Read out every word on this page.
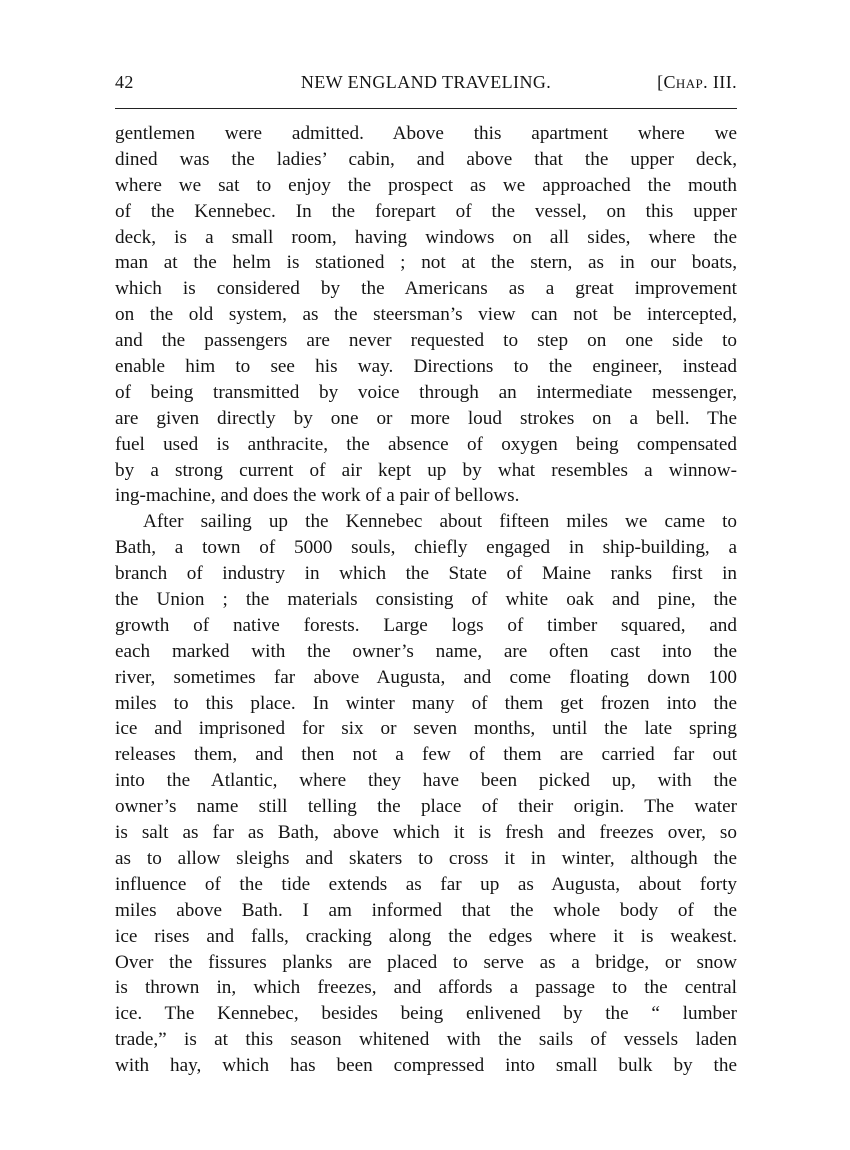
42	NEW ENGLAND TRAVELING.	[Chap. III.
gentlemen were admitted. Above this apartment where we
dined was the ladies’ cabin, and above that the upper deck,
where we sat to enjoy the prospect as we approached the mouth
of the Kennebec. In the forepart of the vessel, on this upper
deck, is a small room, having windows on all sides, where the
man at the helm is stationed ; not at the stern, as in our boats,
which is considered by the Americans as a great improvement
on the old system, as the steersman’s view can not be intercepted,
and the passengers are never requested to step on one side to
enable him to see his way. Directions to the engineer, instead
of being transmitted by voice through an intermediate messenger,
are given directly by one or more loud strokes on a bell. The
fuel used is anthracite, the absence of oxygen being compensated
by a strong current of air kept up by what resembles a winnow-
ing-machine, and does the work of a pair of bellows.
After sailing up the Kennebec about fifteen miles we came to
Bath, a town of 5000 souls, chiefly engaged in ship-building, a
branch of industry in which the State of Maine ranks first in
the Union ; the materials consisting of white oak and pine, the
growth of native forests. Large logs of timber squared, and
each marked with the owner’s name, are often cast into the
river, sometimes far above Augusta, and come floating down 100
miles to this place. In winter many of them get frozen into the
ice and imprisoned for six or seven months, until the late spring
releases them, and then not a few of them are carried far out
into the Atlantic, where they have been picked up, with the
owner’s name still telling the place of their origin. The water
is salt as far as Bath, above which it is fresh and freezes over, so
as to allow sleighs and skaters to cross it in winter, although the
influence of the tide extends as far up as Augusta, about forty
miles above Bath. I am informed that the whole body of the
ice rises and falls, cracking along the edges where it is weakest.
Over the fissures planks are placed to serve as a bridge, or snow
is thrown in, which freezes, and affords a passage to the central
ice. The Kennebec, besides being enlivened by the “ lumber
trade,” is at this season whitened with the sails of vessels laden
with hay, which has been compressed into small bulk by the
